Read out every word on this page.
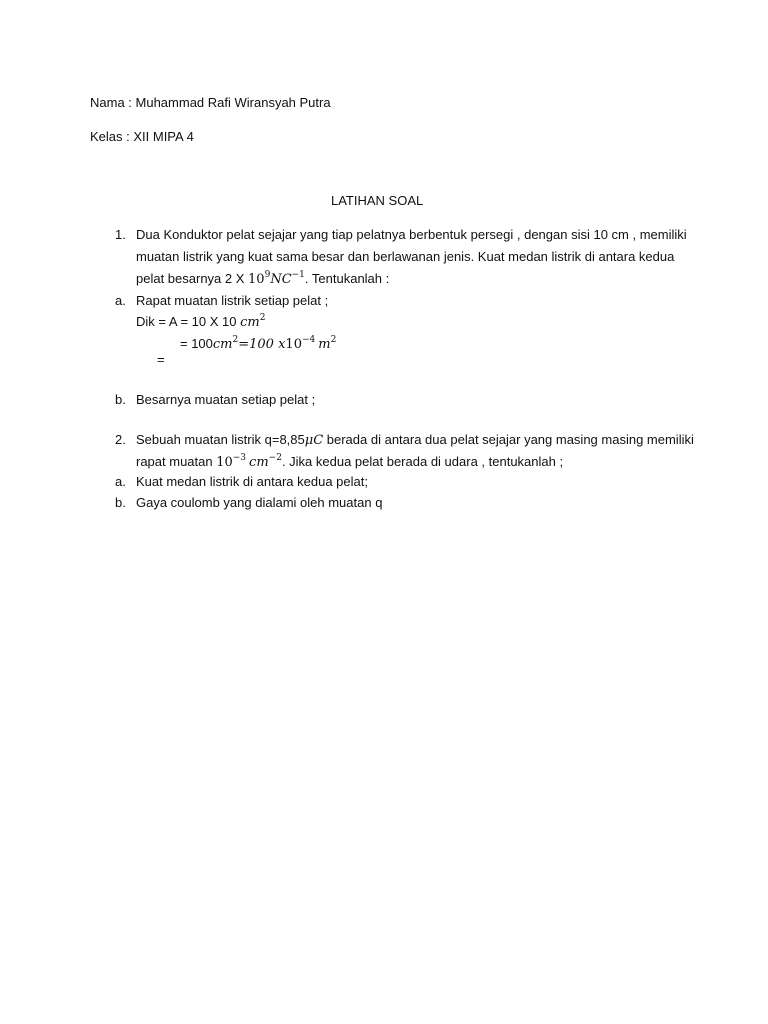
Nama : Muhammad Rafi Wiransyah Putra
Kelas : XII MIPA 4
LATIHAN SOAL
1. Dua Konduktor pelat sejajar yang tiap pelatnya berbentuk persegi , dengan sisi 10 cm , memiliki
muatan listrik yang kuat sama besar dan berlawanan jenis. Kuat medan listrik di antara kedua
pelat besarnya 2 X $10^9NC^{-1}$. Tentukanlah :
a. Rapat muatan listrik setiap pelat ;
Dik = A = 10 X 10 $cm^2$
= $100cm^2=100$ $x10^{-4}$ $m^2$
=
b. Besarnya muatan setiap pelat ;
2. Sebuah muatan listrik q=8,85μC berada di antara dua pelat sejajar yang masing masing memiliki
rapat muatan $10^{-3}$ $cm^{-2}$. Jika kedua pelat berada di udara , tentukanlah ;
a. Kuat medan listrik di antara kedua pelat;
b. Gaya coulomb yang dialami oleh muatan q
